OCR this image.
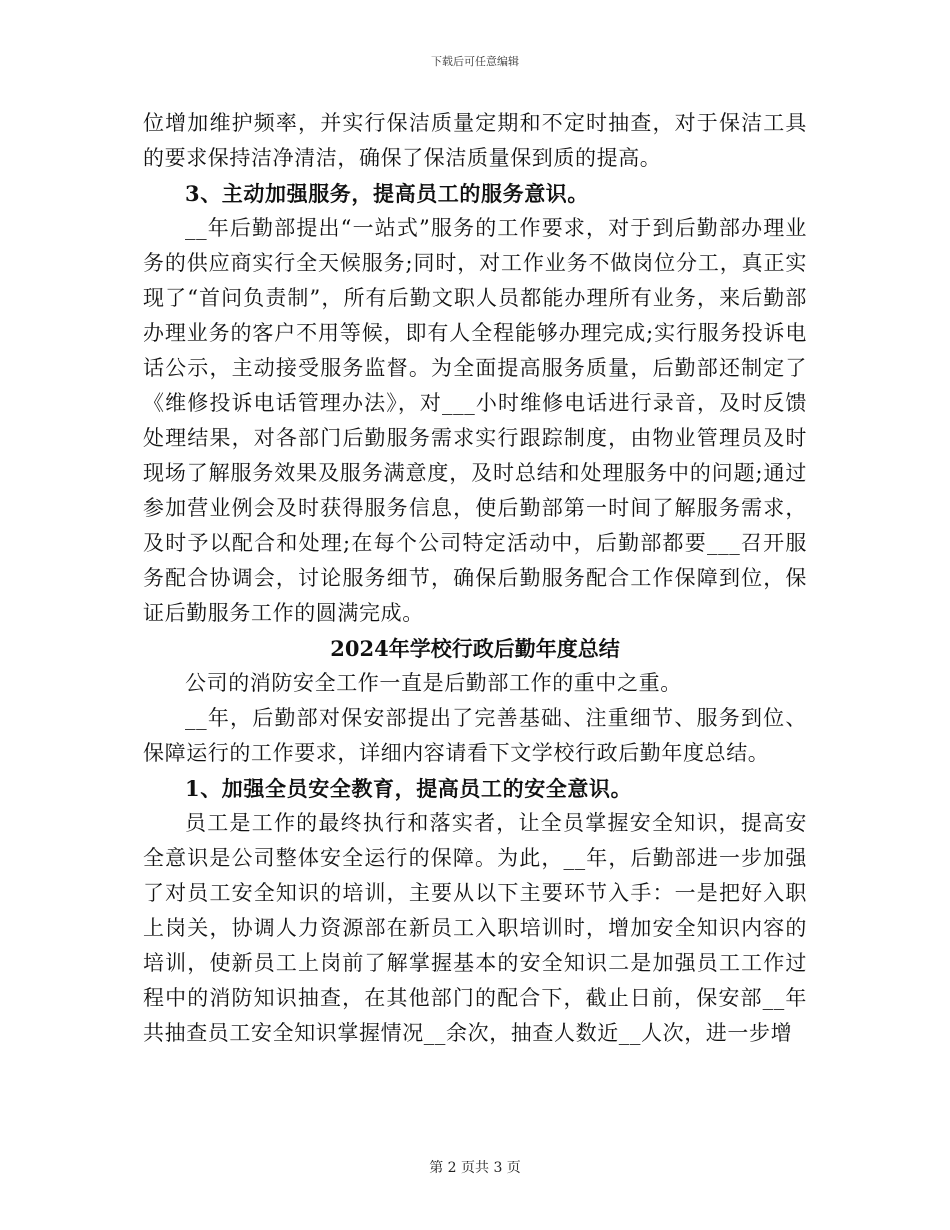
下载后可任意编辑

位增加维护频率，并实行保洁质量定期和不定时抽查，对于保洁工具的要求保持洁净清洁，确保了保洁质量保到质的提高。

3、主动加强服务，提高员工的服务意识。

__年后勤部提出“一站式”服务的工作要求，对于到后勤部办理业务的供应商实行全天候服务;同时，对工作业务不做岗位分工，真正实现了“首问负责制”，所有后勤文职人员都能办理所有业务，来后勤部办理业务的客户不用等候，即有人全程能够办理完成;实行服务投诉电话公示，主动接受服务监督。为全面提高服务质量，后勤部还制定了《维修投诉电话管理办法》，对___小时维修电话进行录音，及时反馈处理结果，对各部门后勤服务需求实行跟踪制度，由物业管理员及时现场了解服务效果及服务满意度，及时总结和处理服务中的问题;通过参加营业例会及时获得服务信息，使后勤部第一时间了解服务需求，及时予以配合和处理;在每个公司特定活动中，后勤部都要___召开服务配合协调会，讨论服务细节，确保后勤服务配合工作保障到位，保证后勤服务工作的圆满完成。

2024年学校行政后勤年度总结

公司的消防安全工作一直是后勤部工作的重中之重。

__年，后勤部对保安部提出了完善基础、注重细节、服务到位、保障运行的工作要求，详细内容请看下文学校行政后勤年度总结。

1、加强全员安全教育，提高员工的安全意识。

员工是工作的最终执行和落实者，让全员掌握安全知识，提高安全意识是公司整体安全运行的保障。为此，__年，后勤部进一步加强了对员工安全知识的培训，主要从以下主要环节入手：一是把好入职上岗关，协调人力资源部在新员工入职培训时，增加安全知识内容的培训，使新员工上岗前了解掌握基本的安全知识二是加强员工工作过程中的消防知识抽查，在其他部门的配合下，截止日前，保安部__年共抽查员工安全知识掌握情况__余次，抽查人数近__人次，进一步增

第 2 页共 3 页
